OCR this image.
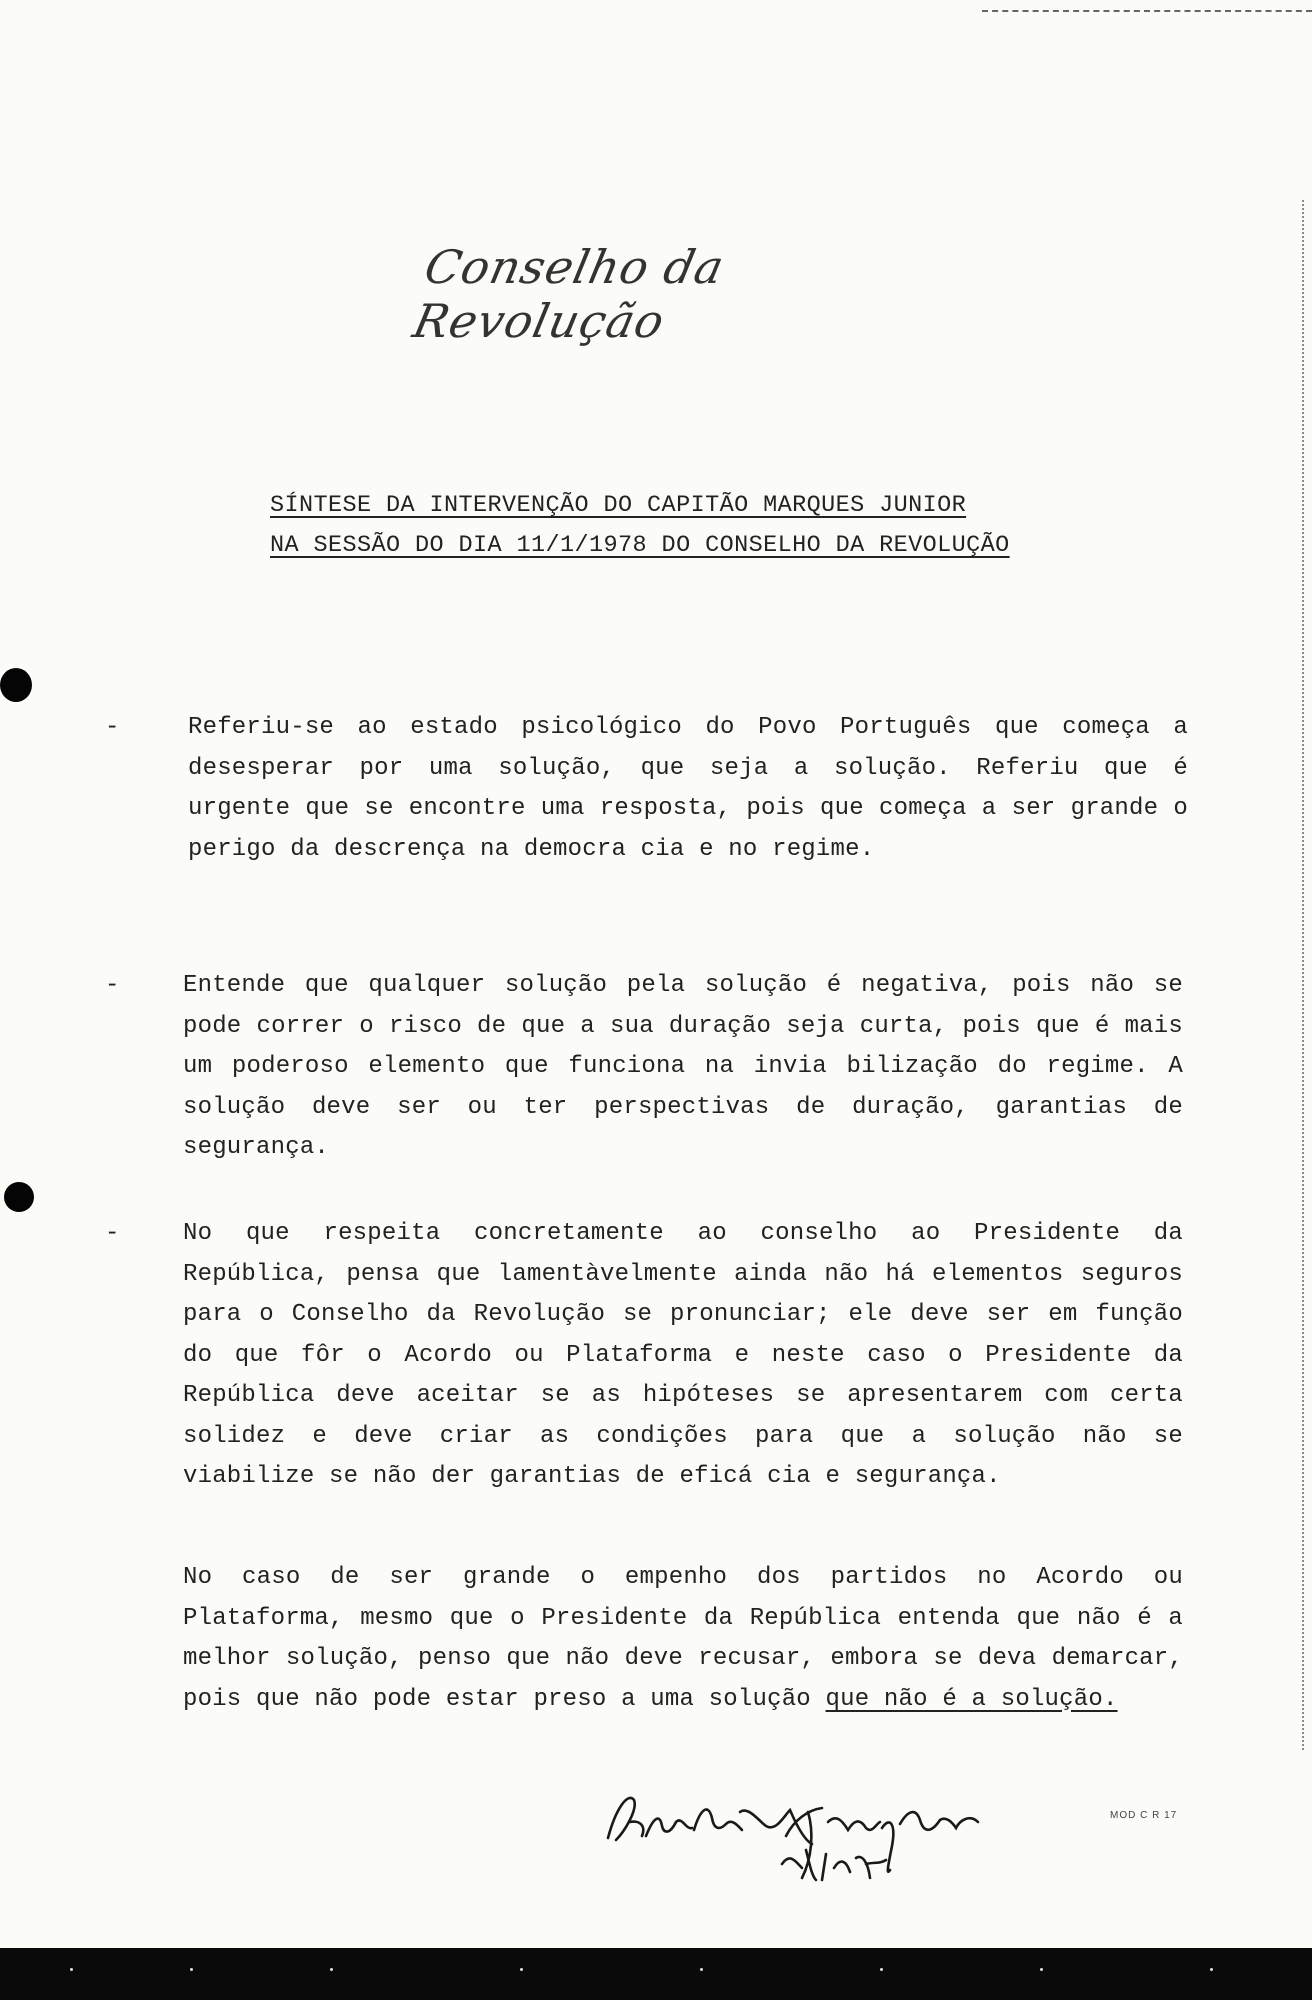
Conselho da Revolução
SÍNTESE DA INTERVENÇÃO DO CAPITÃO MARQUES JUNIOR
NA SESSÃO DO DIA 11/1/1978 DO CONSELHO DA REVOLUÇÃO
-	Referiu-se ao estado psicológico do Povo Português que começa a desesperar por uma solução, que seja a solução. Referiu que é urgente que se encontre uma resposta, pois que começa a ser grande o perigo da descrença na democra cia e no regime.
-	Entende que qualquer solução pela solução é negativa, pois não se pode correr o risco de que a sua duração seja curta, pois que é mais um poderoso elemento que funciona na invia bilização do regime. A solução deve ser ou ter perspectivas de duração, garantias de segurança.
-	No que respeita concretamente ao conselho ao Presidente da República, pensa que lamentàvelmente ainda não há elementos seguros para o Conselho da Revolução se pronunciar; ele deve ser em função do que fôr o Acordo ou Plataforma e neste caso o Presidente da República deve aceitar se as hipóteses se apresentarem com certa solidez e deve criar as condições para que a solução não se viabilize se não der garantias de eficá cia e segurança.
No caso de ser grande o empenho dos partidos no Acordo ou Plataforma, mesmo que o Presidente da República entenda que não é a melhor solução, penso que não deve recusar, embora se deva demarcar, pois que não pode estar preso a uma solução que não é a solução.
MOD C R 17
